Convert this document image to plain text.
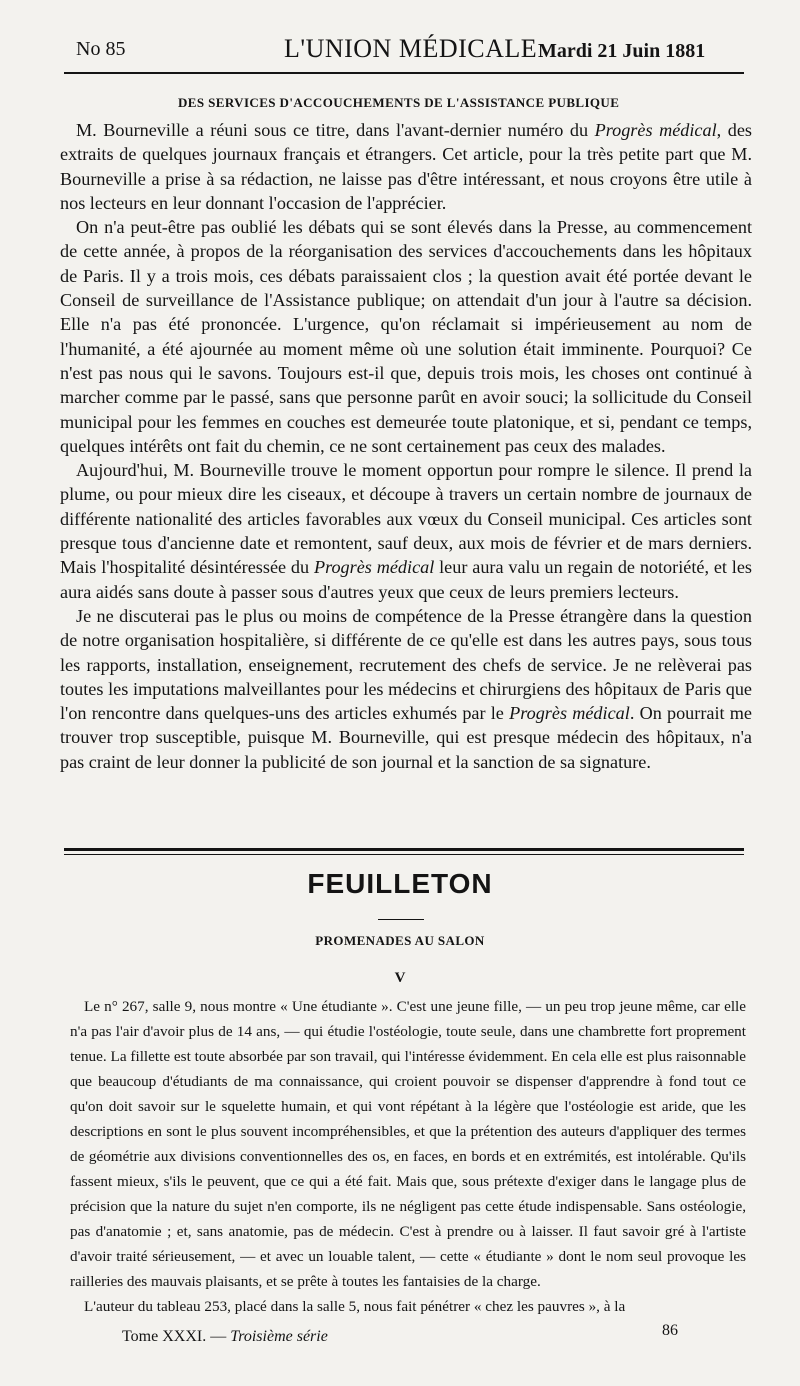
No 85	L'UNION MÉDICALE Mardi 21 Juin 1881
DES SERVICES D'ACCOUCHEMENTS DE L'ASSISTANCE PUBLIQUE

M. Bourneville a réuni sous ce titre, dans l'avant-dernier numéro du Progrès médical, des extraits de quelques journaux français et étrangers. Cet article, pour la très petite part que M. Bourneville a prise à sa rédaction, ne laisse pas d'être intéressant, et nous croyons être utile à nos lecteurs en leur donnant l'occasion de l'apprécier.

On n'a peut-être pas oublié les débats qui se sont élevés dans la Presse, au commencement de cette année, à propos de la réorganisation des services d'accouchements dans les hôpitaux de Paris. Il y a trois mois, ces débats paraissaient clos ; la question avait été portée devant le Conseil de surveillance de l'Assistance publique; on attendait d'un jour à l'autre sa décision. Elle n'a pas été prononcée. L'urgence, qu'on réclamait si impérieusement au nom de l'humanité, a été ajournée au moment même où une solution était imminente. Pourquoi? Ce n'est pas nous qui le savons. Toujours est-il que, depuis trois mois, les choses ont continué à marcher comme par le passé, sans que personne parût en avoir souci; la sollicitude du Conseil municipal pour les femmes en couches est demeurée toute platonique, et si, pendant ce temps, quelques intérêts ont fait du chemin, ce ne sont certainement pas ceux des malades.

Aujourd'hui, M. Bourneville trouve le moment opportun pour rompre le silence. Il prend la plume, ou pour mieux dire les ciseaux, et découpe à travers un certain nombre de journaux de différente nationalité des articles favorables aux vœux du Conseil municipal. Ces articles sont presque tous d'ancienne date et remontent, sauf deux, aux mois de février et de mars derniers. Mais l'hospitalité désintéressée du Progrès médical leur aura valu un regain de notoriété, et les aura aidés sans doute à passer sous d'autres yeux que ceux de leurs premiers lecteurs.

Je ne discuterai pas le plus ou moins de compétence de la Presse étrangère dans la question de notre organisation hospitalière, si différente de ce qu'elle est dans les autres pays, sous tous les rapports, installation, enseignement, recrutement des chefs de service. Je ne relèverai pas toutes les imputations malveillantes pour les médecins et chirurgiens des hôpitaux de Paris que l'on rencontre dans quelques-uns des articles exhumés par le Progrès médical. On pourrait me trouver trop susceptible, puisque M. Bourneville, qui est presque médecin des hôpitaux, n'a pas craint de leur donner la publicité de son journal et la sanction de sa signature.

FEUILLETON
PROMENADES AU SALON
V

Le n° 267, salle 9, nous montre « Une étudiante ». C'est une jeune fille, — un peu trop jeune même, car elle n'a pas l'air d'avoir plus de 14 ans, — qui étudie l'ostéologie, toute seule, dans une chambrette fort proprement tenue. La fillette est toute absorbée par son travail, qui l'intéresse évidemment. En cela elle est plus raisonnable que beaucoup d'étudiants de ma connaissance, qui croient pouvoir se dispenser d'apprendre à fond tout ce qu'on doit savoir sur le squelette humain, et qui vont répétant à la légère que l'ostéologie est aride, que les descriptions en sont le plus souvent incompréhensibles, et que la prétention des auteurs d'appliquer des termes de géométrie aux divisions conventionnelles des os, en faces, en bords et en extrémités, est intolérable. Qu'ils fassent mieux, s'ils le peuvent, que ce qui a été fait. Mais que, sous prétexte d'exiger dans le langage plus de précision que la nature du sujet n'en comporte, ils ne négligent pas cette étude indispensable. Sans ostéologie, pas d'anatomie ; et, sans anatomie, pas de médecin. C'est à prendre ou à laisser. Il faut savoir gré à l'artiste d'avoir traité sérieusement, — et avec un louable talent, — cette « étudiante » dont le nom seul provoque les railleries des mauvais plaisants, et se prête à toutes les fantaisies de la charge.

L'auteur du tableau 253, placé dans la salle 5, nous fait pénétrer « chez les pauvres », à la

Tome XXXI. — Troisième série	86
